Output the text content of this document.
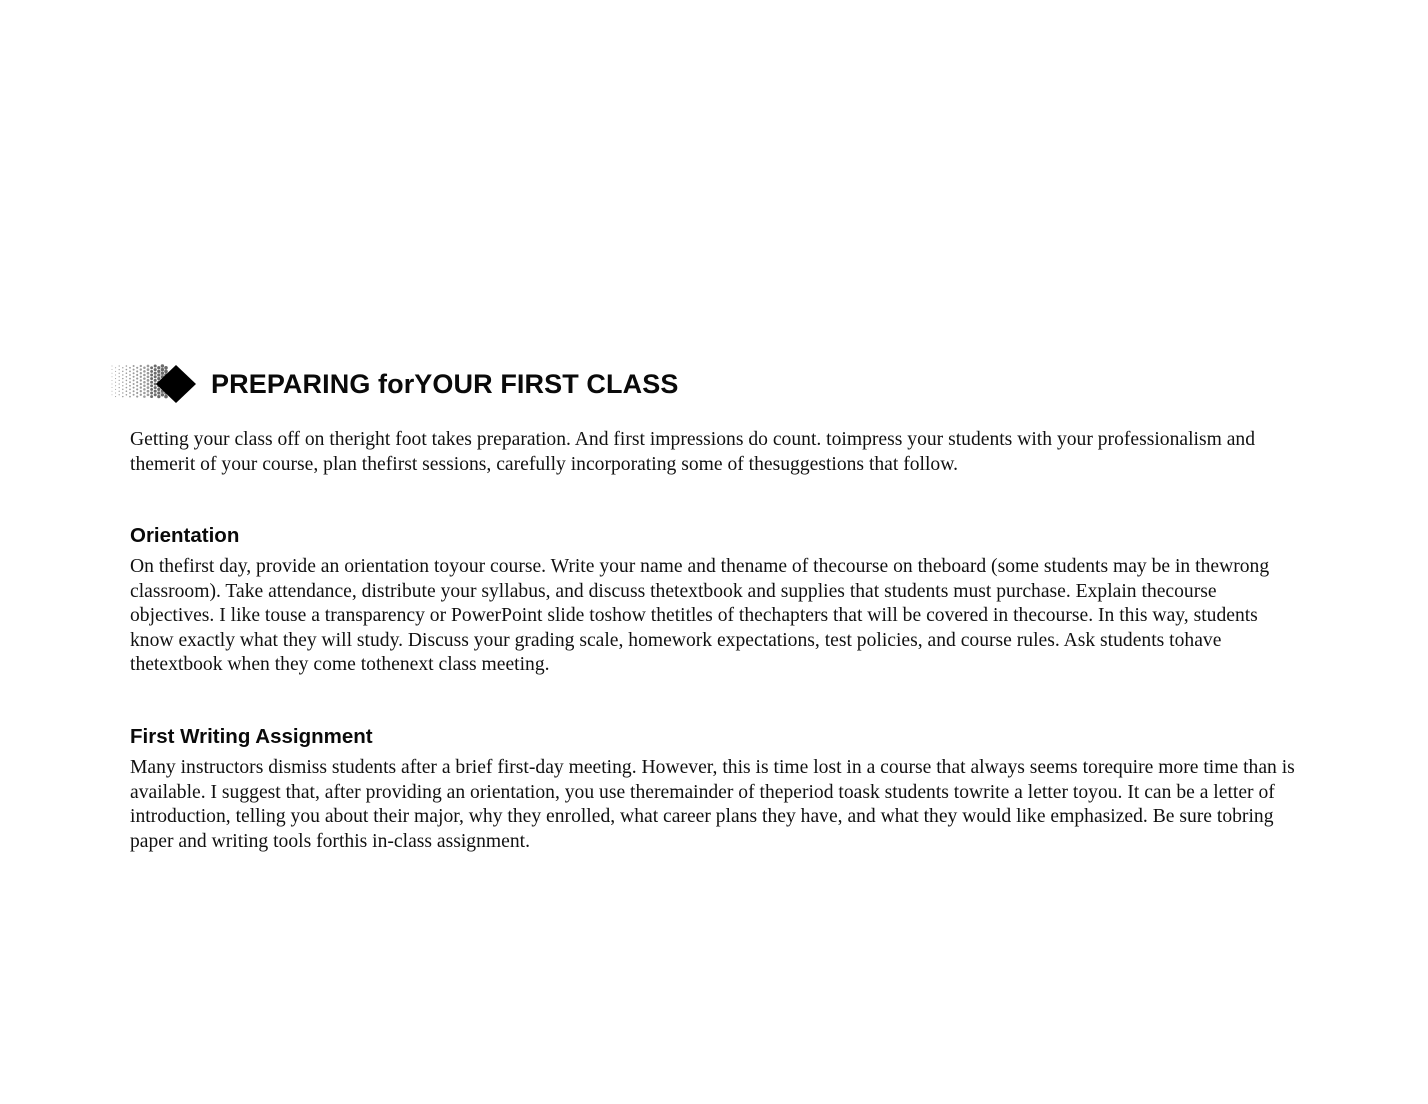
PREPARING forYOUR FIRST CLASS

Getting your class off on theright foot takes preparation. And first impressions do count. toimpress your students with your professionalism and themerit of your course, plan thefirst sessions, carefully incorporating some of thesuggestions that follow.

Orientation

On thefirst day, provide an orientation toyour course. Write your name and thename of thecourse on theboard (some students may be in thewrong classroom). Take attendance, distribute your syllabus, and discuss thetextbook and supplies that students must purchase. Explain thecourse objectives. I like touse a transparency or PowerPoint slide toshow thetitles of thechapters that will be covered in thecourse. In this way, students know exactly what they will study. Discuss your grading scale, homework expectations, test policies, and course rules. Ask students tohave thetextbook when they come tothenext class meeting.

First Writing Assignment

Many instructors dismiss students after a brief first-day meeting. However, this is time lost in a course that always seems torequire more time than is available. I suggest that, after providing an orientation, you use theremainder of theperiod toask students towrite a letter toyou. It can be a letter of introduction, telling you about their major, why they enrolled, what career plans they have, and what they would like emphasized. Be sure tobring paper and writing tools forthis in-class assignment.
